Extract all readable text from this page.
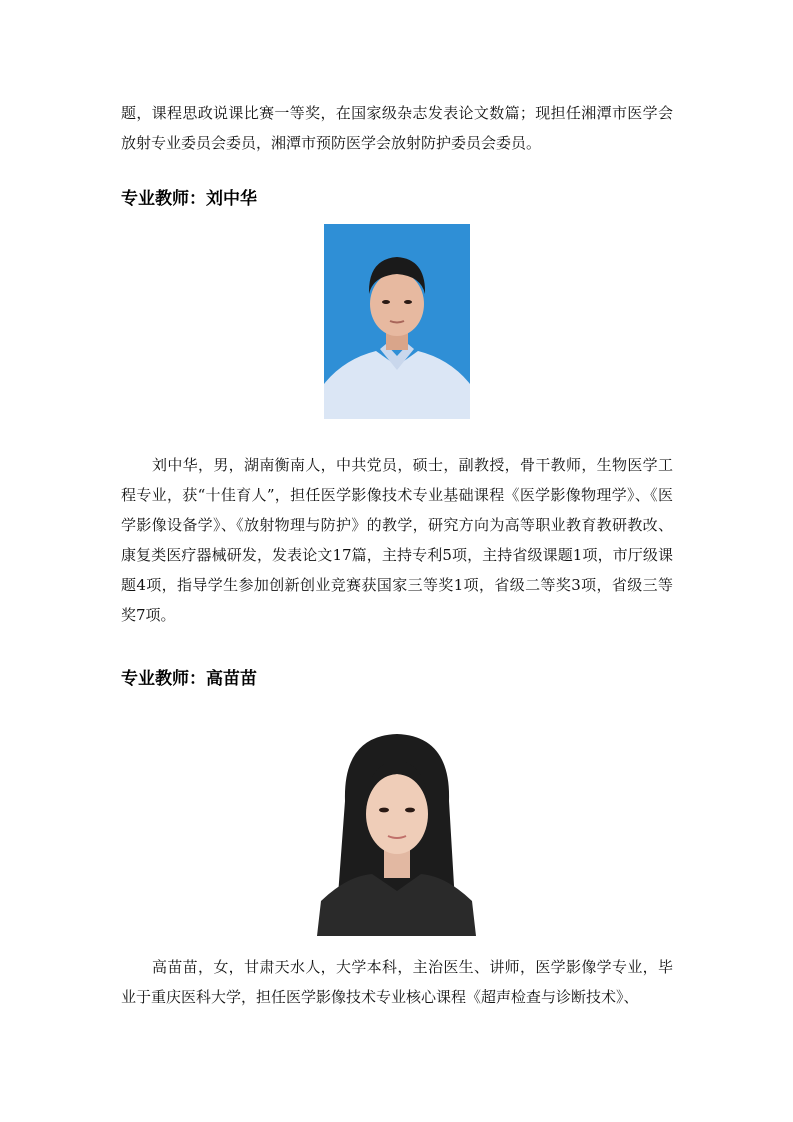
题，课程思政说课比赛一等奖，在国家级杂志发表论文数篇；现担任湘潭市医学会放射专业委员会委员，湘潭市预防医学会放射防护委员会委员。

专业教师：刘中华

刘中华，男，湖南衡南人，中共党员，硕士，副教授，骨干教师，生物医学工程专业，获“十佳育人”，担任医学影像技术专业基础课程《医学影像物理学》、《医学影像设备学》、《放射物理与防护》的教学，研究方向为高等职业教育教研教改、康复类医疗器械研发，发表论文17篇，主持专利5项，主持省级课题1项，市厅级课题4项，指导学生参加创新创业竞赛获国家三等奖1项，省级二等奖3项，省级三等奖7项。

专业教师：高苗苗

高苗苗，女，甘肃天水人，大学本科，主治医生、讲师，医学影像学专业，毕业于重庆医科大学，担任医学影像技术专业核心课程《超声检查与诊断技术》、
